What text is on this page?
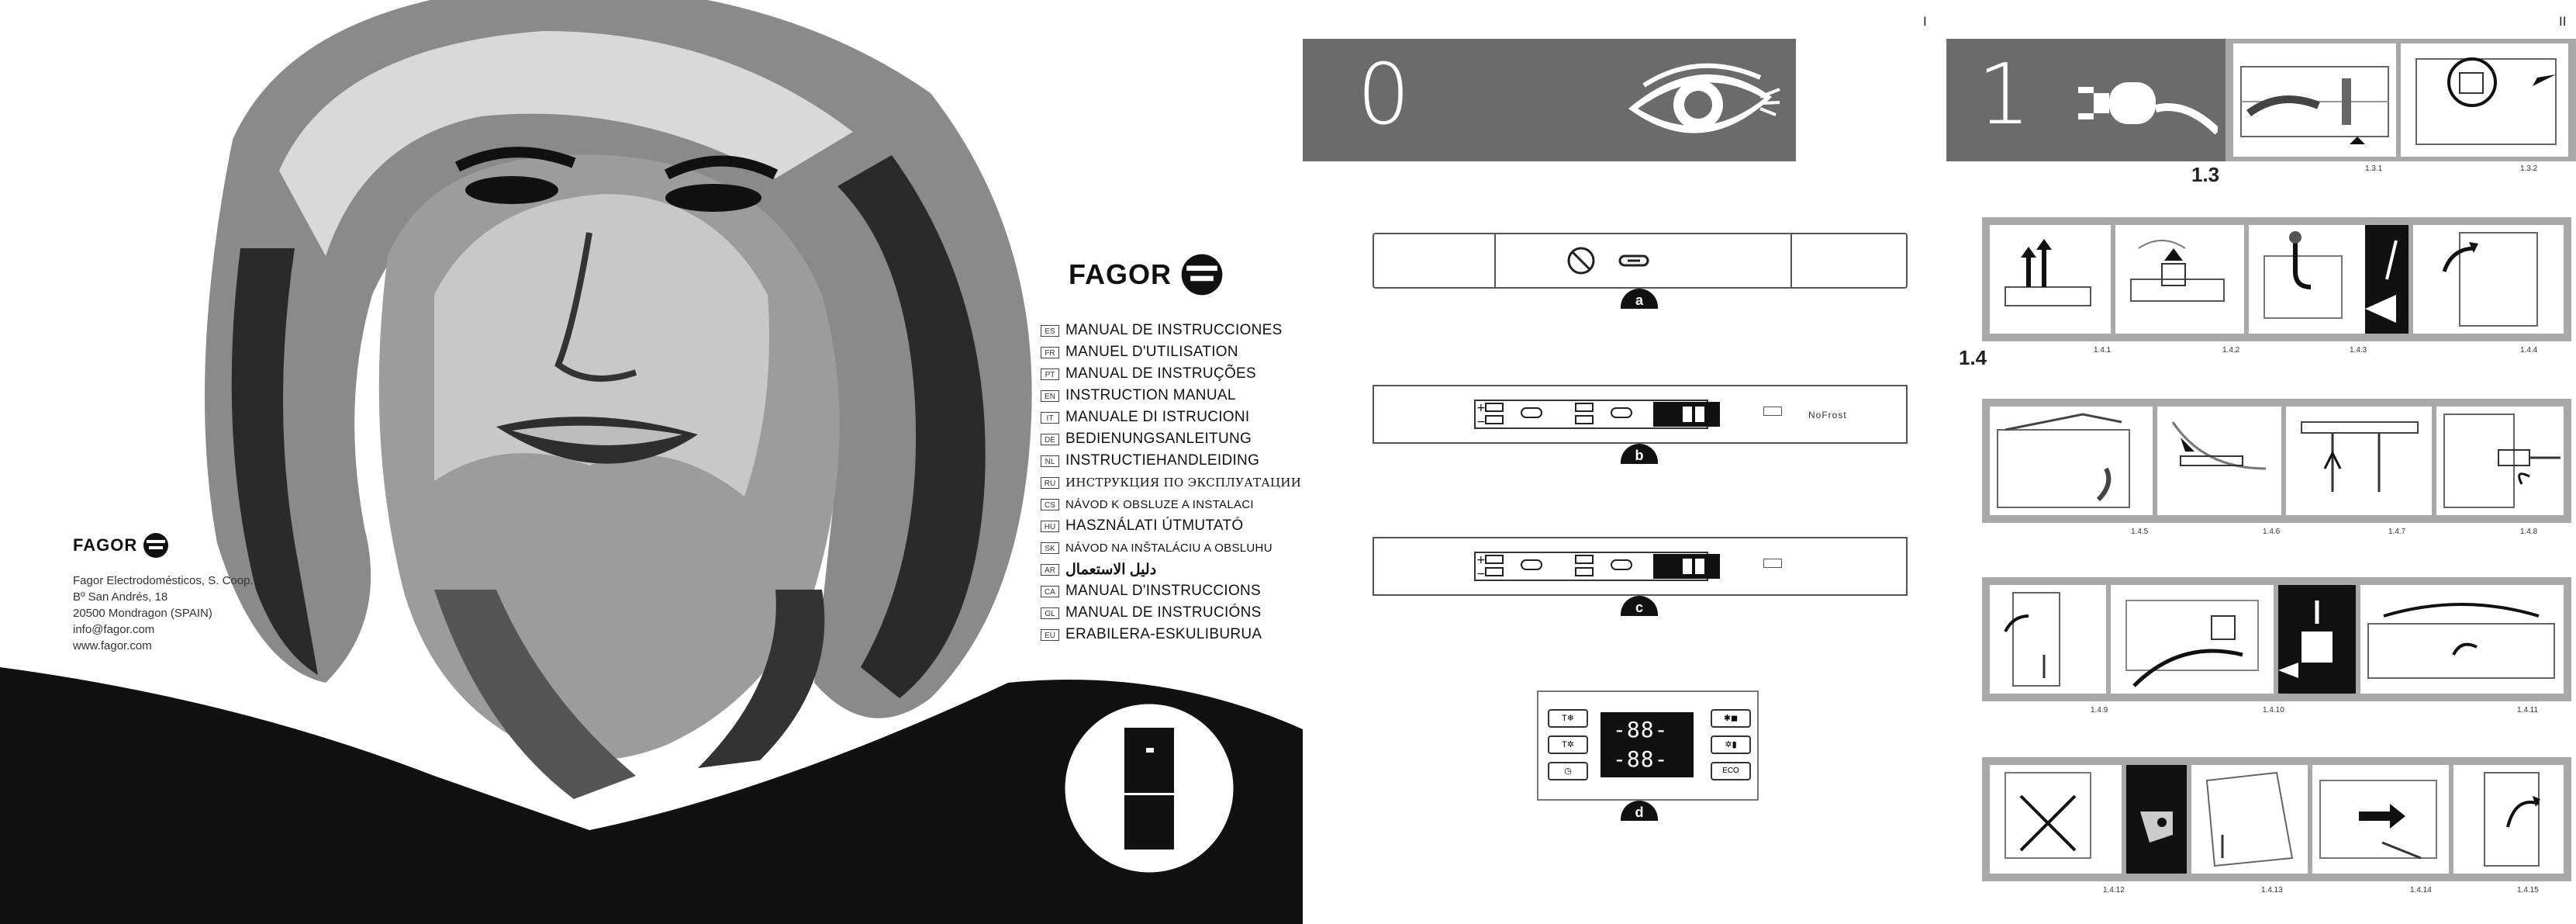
FAGOR
Fagor Electrodomésticos, S. Coop.
Bº San Andrés, 18
20500 Mondragon (SPAIN)
info@fagor.com
www.fagor.com
03-11	RR4200008
FAGOR
ES MANUAL DE INSTRUCCIONES
FR MANUEL D'UTILISATION
PT MANUAL DE INSTRUÇÕES
EN INSTRUCTION MANUAL
IT MANUALE DI ISTRUCIONI
DE BEDIENUNGSANLEITUNG
NL INSTRUCTIEHANDLEIDING
RU ИНСТРУКЦИЯ ПО ЭКСПЛУАТАЦИИ
CS NÁVOD K OBSLUZE A INSTALACI
HU HASZNÁLATI ÚTMUTATÓ
SK NÁVOD NA INŠTALÁCIU A OBSLUHU
AR دليل الاستعمال
CA MANUAL D'INSTRUCCIONS
GL MANUAL DE INSTRUCIÓNS
EU ERABILERA-ESKULIBURUA
0
a
+
−
NoFrost
b
+
−
c
T❄
T✲
◷
-88-
-88-
✱◼
✲▮
ECO
d
I	II
1
1.3.1	1.3.2
1.3
1.4.1	1.4.2	1.4.3	1.4.4
1.4
1.4.5	1.4.6	1.4.7	1.4.8
1.4.9	1.4.10	1.4.11
1.4.12	1.4.13	1.4.14	1.4.15
